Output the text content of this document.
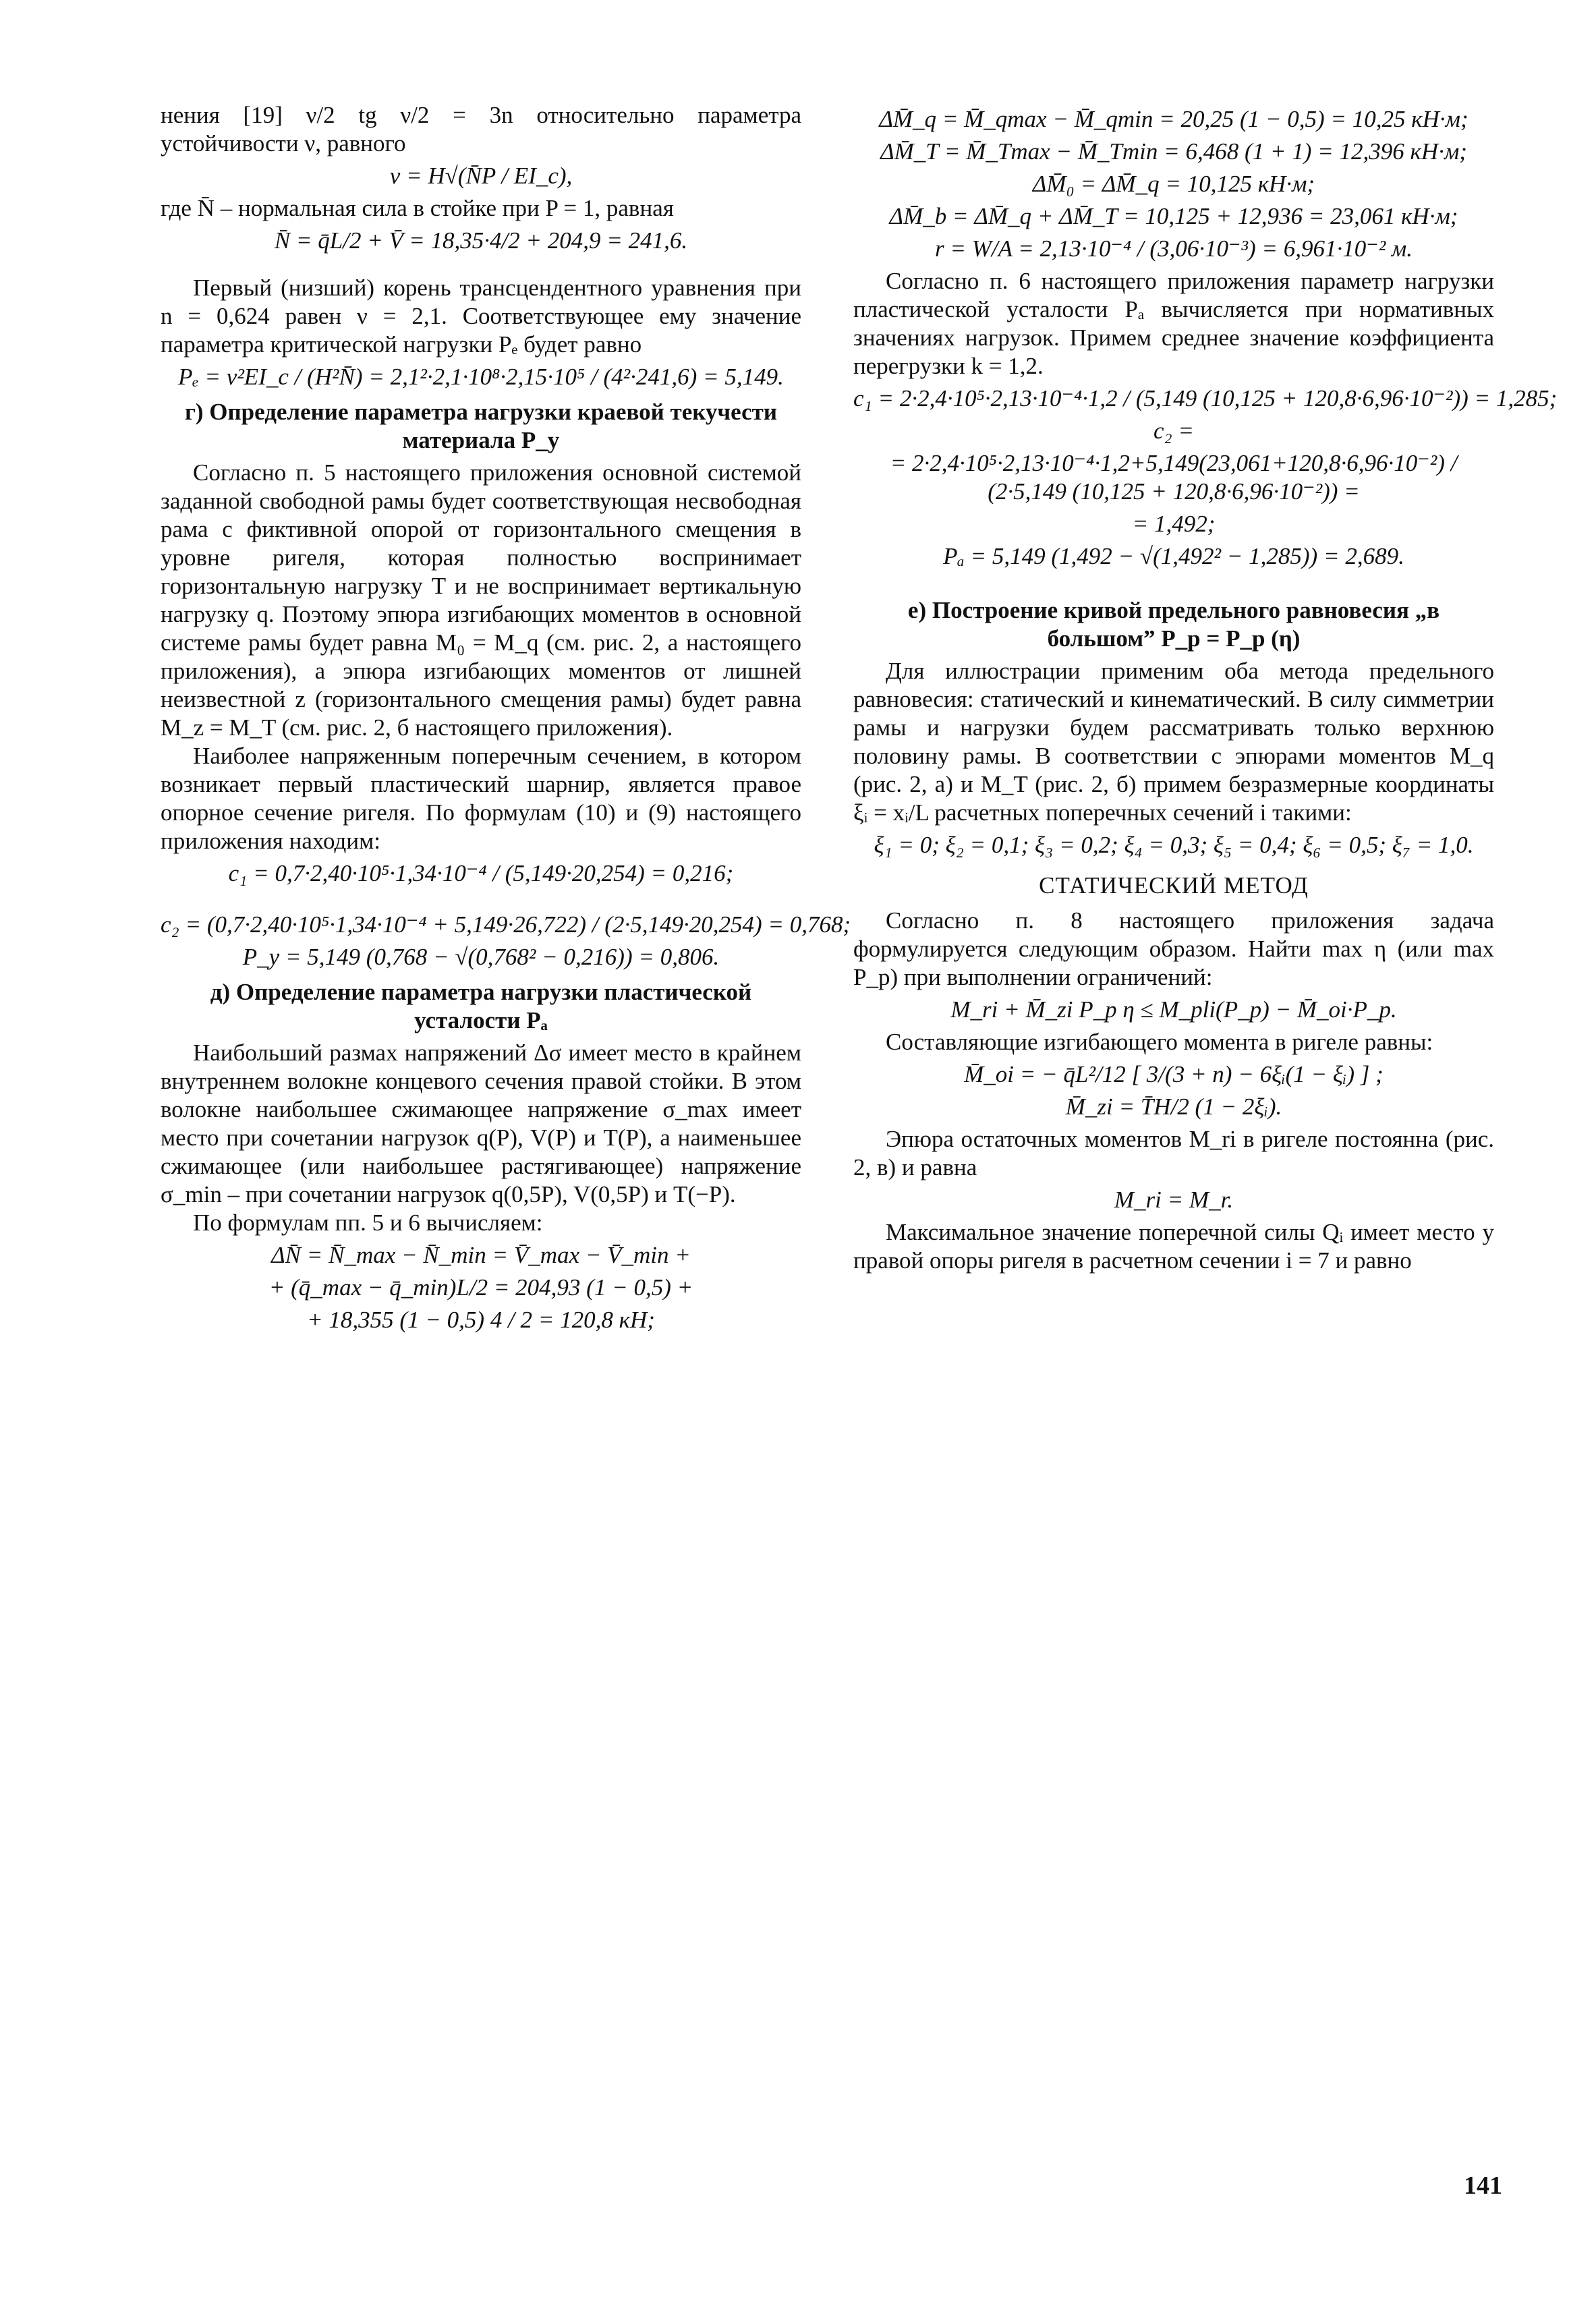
нения [19] ν/2 tg ν/2 = 3n относительно параметра устойчивости ν, равного

ν = H√(N̄P / EI_c),

где N̄ – нормальная сила в стойке при P = 1, равная

N̄ = q̄L/2 + V̄ = 18,35·4/2 + 204,9 = 241,6.

Первый (низший) корень трансцендентного уравнения при n = 0,624 равен ν = 2,1. Соответствующее ему значение параметра критической нагрузки Pₑ будет равно

Pₑ = ν²EI_c / (H²N̄) = 2,1²·2,1·10⁸·2,15·10⁵ / (4²·241,6) = 5,149.
г) Определение параметра нагрузки краевой текучести материала P_y

Согласно п. 5 настоящего приложения основной системой заданной свободной рамы будет соответствующая несвободная рама с фиктивной опорой от горизонтального смещения в уровне ригеля, которая полностью воспринимает горизонтальную нагрузку T и не воспринимает вертикальную нагрузку q. Поэтому эпюра изгибающих моментов в основной системе рамы будет равна M₀ = M_q (см. рис. 2, а настоящего приложения), а эпюра изгибающих моментов от лишней неизвестной z (горизонтального смещения рамы) будет равна M_z = M_T (см. рис. 2, б настоящего приложения).

Наиболее напряженным поперечным сечением, в котором возникает первый пластический шарнир, является правое опорное сечение ригеля. По формулам (10) и (9) настоящего приложения находим:

c₁ = 0,7·2,40·10⁵·1,34·10⁻⁴ / (5,149·20,254) = 0,216;
c₂ = (0,7·2,40·10⁵·1,34·10⁻⁴ + 5,149·26,722) / (2·5,149·20,254) = 0,768;
P_y = 5,149 (0,768 − √(0,768² − 0,216)) = 0,806.
д) Определение параметра нагрузки пластической усталости Pₐ

Наибольший размах напряжений Δσ имеет место в крайнем внутреннем волокне концевого сечения правой стойки. В этом волокне наибольшее сжимающее напряжение σ_max имеет место при сочетании нагрузок q(P), V(P) и T(P), а наименьшее сжимающее (или наибольшее растягивающее) напряжение σ_min – при сочетании нагрузок q(0,5P), V(0,5P) и T(−P).

По формулам пп. 5 и 6 вычисляем:

ΔN̄ = N̄_max − N̄_min = V̄_max − V̄_min +
+ (q̄_max − q̄_min)L/2 = 204,93 (1 − 0,5) +
+ 18,355 (1 − 0,5) 4 / 2 = 120,8 кН;
ΔM̄_q = M̄_qmax − M̄_qmin = 20,25 (1 − 0,5) = 10,25 кН·м;
ΔM̄_T = M̄_Tmax − M̄_Tmin = 6,468 (1 + 1) = 12,396 кН·м;
ΔM̄₀ = ΔM̄_q = 10,125 кН·м;
ΔM̄_b = ΔM̄_q + ΔM̄_T = 10,125 + 12,936 = 23,061 кН·м;
r = W/A = 2,13·10⁻⁴ / (3,06·10⁻³) = 6,961·10⁻² м.

Согласно п. 6 настоящего приложения параметр нагрузки пластической усталости Pₐ вычисляется при нормативных значениях нагрузок. Примем среднее значение коэффициента перегрузки k = 1,2.

c₁ = 2·2,4·10⁵·2,13·10⁻⁴·1,2 / (5,149 (10,125 + 120,8·6,96·10⁻²)) = 1,285;
c₂ =
= 2·2,4·10⁵·2,13·10⁻⁴·1,2+5,149(23,061+120,8·6,96·10⁻²) / (2·5,149 (10,125 + 120,8·6,96·10⁻²)) =
= 1,492;
Pₐ = 5,149 (1,492 − √(1,492² − 1,285)) = 2,689.
е) Построение кривой предельного равновесия „в большом” P_p = P_p (η)

Для иллюстрации применим оба метода предельного равновесия: статический и кинематический. В силу симметрии рамы и нагрузки будем рассматривать только верхнюю половину рамы. В соответствии с эпюрами моментов M_q (рис. 2, а) и M_T (рис. 2, б) примем безразмерные координаты ξᵢ = xᵢ/L расчетных поперечных сечений i такими:

ξ₁ = 0; ξ₂ = 0,1; ξ₃ = 0,2; ξ₄ = 0,3; ξ₅ = 0,4; ξ₆ = 0,5; ξ₇ = 1,0.
СТАТИЧЕСКИЙ МЕТОД

Согласно п. 8 настоящего приложения задача формулируется следующим образом. Найти max η (или max P_p) при выполнении ограничений:

M_ri + M̄_zi P_p η ≤ M_pli(P_p) − M̄_oi·P_p.

Составляющие изгибающего момента в ригеле равны:

M̄_oi = − q̄L²/12 [ 3/(3 + n) − 6ξᵢ(1 − ξᵢ) ] ;
M̄_zi = T̄H/2 (1 − 2ξᵢ).

Эпюра остаточных моментов M_ri в ригеле постоянна (рис. 2, в) и равна

M_ri = M_r.

Максимальное значение поперечной силы Qᵢ имеет место у правой опоры ригеля в расчетном сечении i = 7 и равно

141
